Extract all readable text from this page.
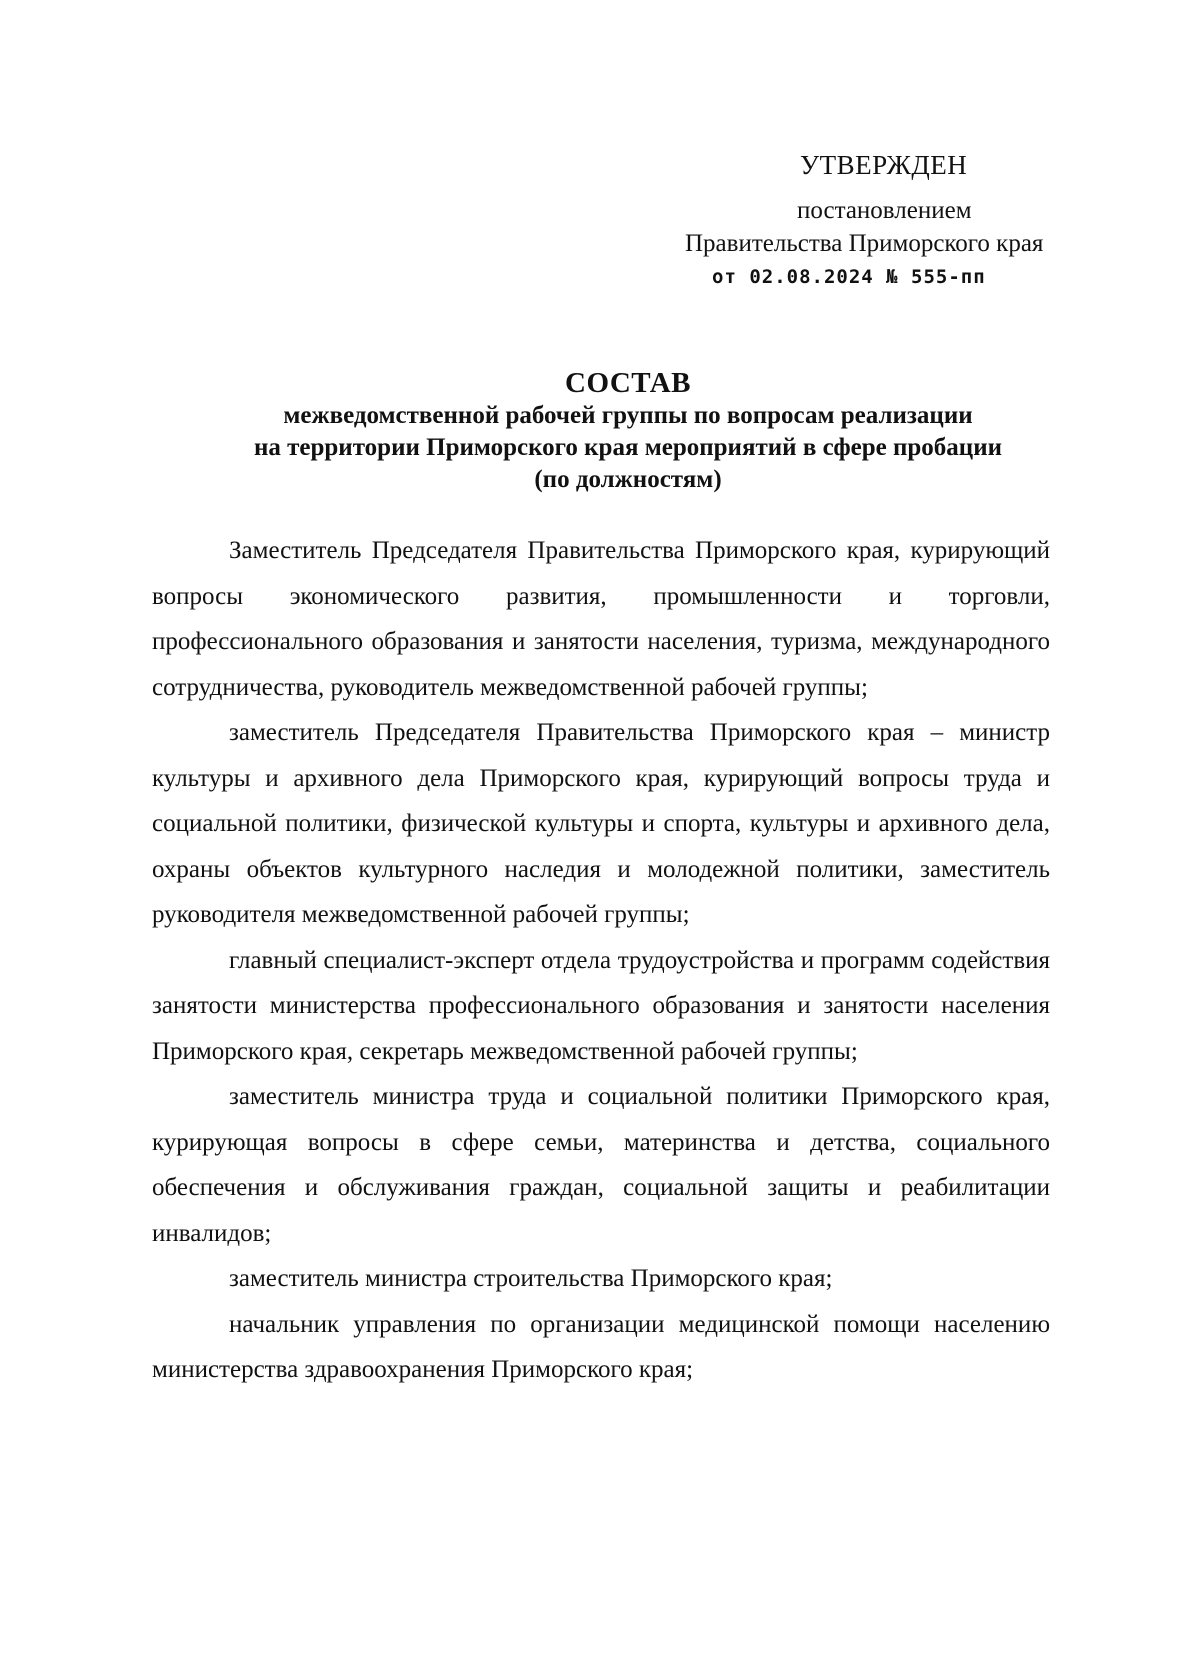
УТВЕРЖДЕН
постановлением
Правительства Приморского края
от 02.08.2024 № 555-пп
СОСТАВ
межведомственной рабочей группы по вопросам реализации
на территории Приморского края мероприятий в сфере пробации
(по должностям)

Заместитель Председателя Правительства Приморского края, курирующий вопросы экономического развития, промышленности и торговли, профессионального образования и занятости населения, туризма, международного сотрудничества, руководитель межведомственной рабочей группы;

заместитель Председателя Правительства Приморского края – министр культуры и архивного дела Приморского края, курирующий вопросы труда и социальной политики, физической культуры и спорта, культуры и архивного дела, охраны объектов культурного наследия и молодежной политики, заместитель руководителя межведомственной рабочей группы;

главный специалист-эксперт отдела трудоустройства и программ содействия занятости министерства профессионального образования и занятости населения Приморского края, секретарь межведомственной рабочей группы;

заместитель министра труда и социальной политики Приморского края, курирующая вопросы в сфере семьи, материнства и детства, социального обеспечения и обслуживания граждан, социальной защиты и реабилитации инвалидов;

заместитель министра строительства Приморского края;

начальник управления по организации медицинской помощи населению министерства здравоохранения Приморского края;
